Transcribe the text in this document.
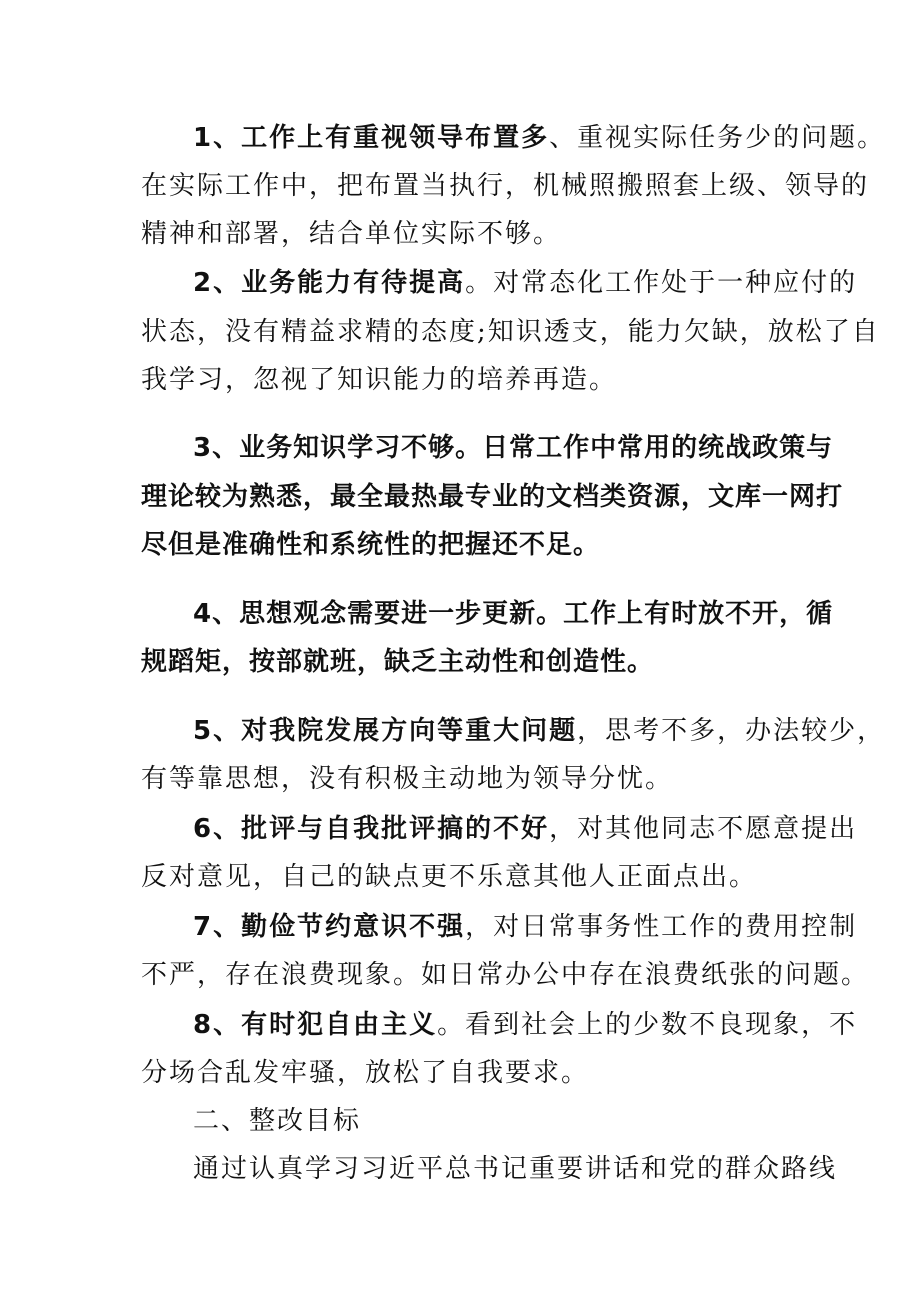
1、工作上有重视领导布置多、重视实际任务少的问题。
在实际工作中，把布置当执行，机械照搬照套上级、领导的
精神和部署，结合单位实际不够。
2、业务能力有待提高。对常态化工作处于一种应付的
状态，没有精益求精的态度;知识透支，能力欠缺，放松了自
我学习，忽视了知识能力的培养再造。
3、业务知识学习不够。日常工作中常用的统战政策与
理论较为熟悉，最全最热最专业的文档类资源，文库一网打
尽但是准确性和系统性的把握还不足。
4、思想观念需要进一步更新。工作上有时放不开，循
规蹈矩，按部就班，缺乏主动性和创造性。
5、对我院发展方向等重大问题，思考不多，办法较少，
有等靠思想，没有积极主动地为领导分忧。
6、批评与自我批评搞的不好，对其他同志不愿意提出
反对意见，自己的缺点更不乐意其他人正面点出。
7、勤俭节约意识不强，对日常事务性工作的费用控制
不严，存在浪费现象。如日常办公中存在浪费纸张的问题。
8、有时犯自由主义。看到社会上的少数不良现象，不
分场合乱发牢骚，放松了自我要求。
二、整改目标
通过认真学习习近平总书记重要讲话和党的群众路线
